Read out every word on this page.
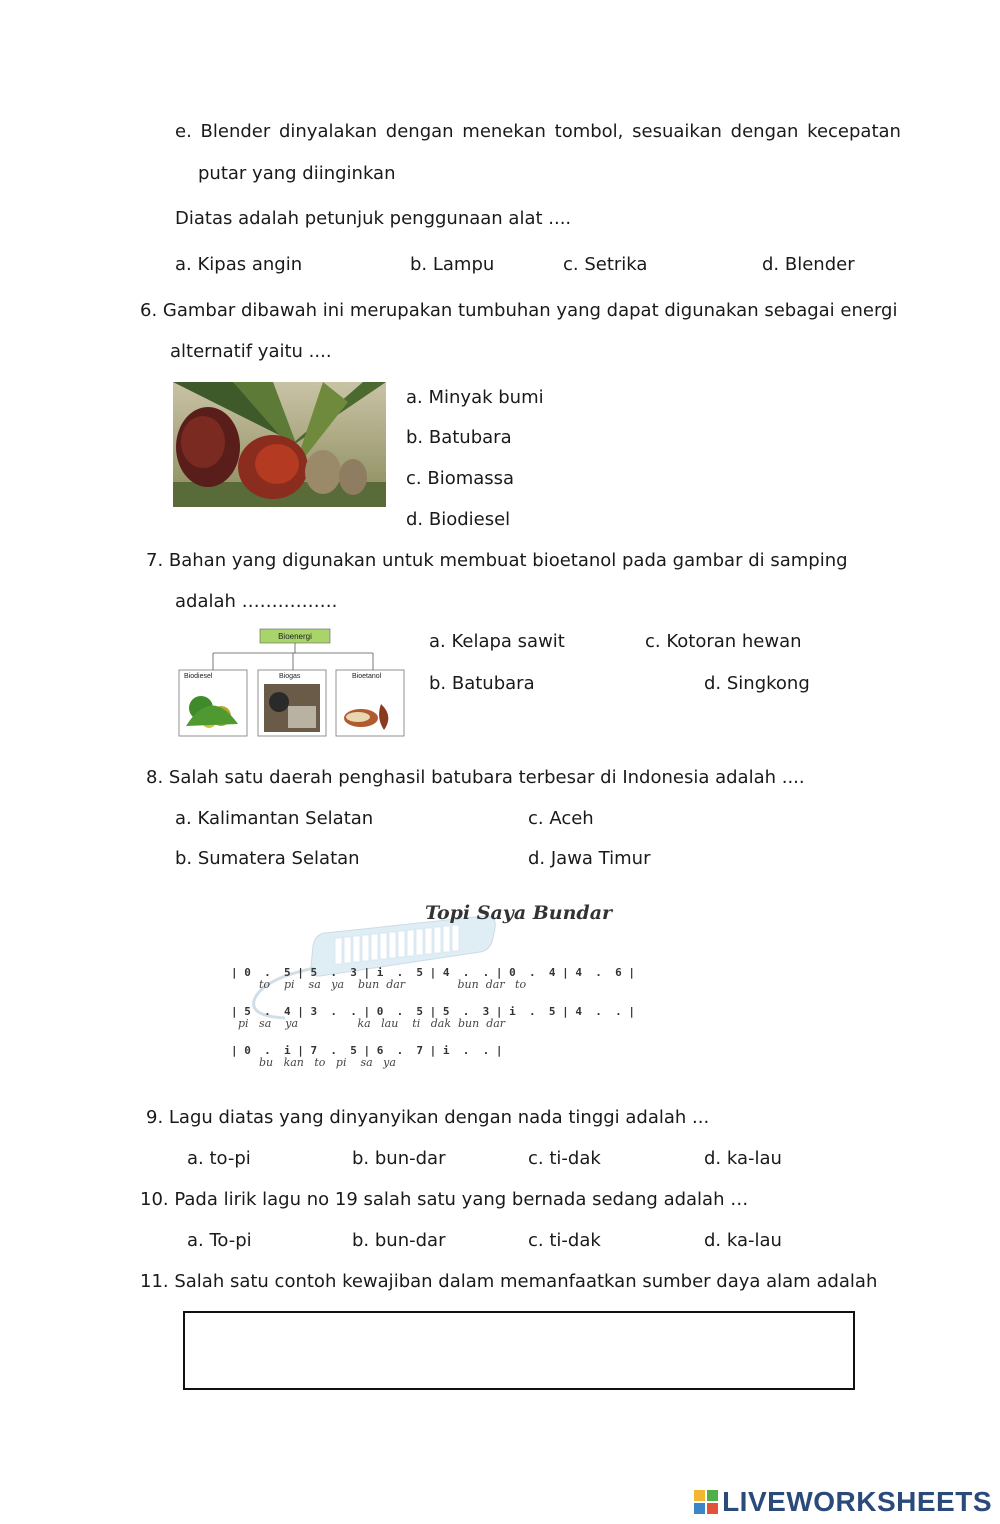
e. Blender dinyalakan dengan menekan tombol, sesuaikan dengan kecepatan
putar yang diinginkan
Diatas adalah petunjuk penggunaan alat ....
a. Kipas angin	b. Lampu	c. Setrika	d. Blender
6. Gambar dibawah ini merupakan tumbuhan yang dapat digunakan sebagai energi
alternatif yaitu ....
a. Minyak bumi
b. Batubara
c. Biomassa
d. Biodiesel
7. Bahan yang digunakan untuk membuat bioetanol pada gambar di samping
adalah …………….
Bioenergi
Biodiesel	Biogas	Bioetanol
a. Kelapa sawit	c. Kotoran hewan
b. Batubara	d. Singkong
8. Salah satu daerah penghasil batubara terbesar di Indonesia adalah ....
a. Kalimantan Selatan	c. Aceh
b. Sumatera Selatan	d. Jawa Timur
Topi Saya Bundar
| 0  .  5 | 5  .  3 | i  .  5 | 4  .  . | 0  .  4 | 4  .  6 |
to    pi    sa   ya    bun  dar               bun  dar   to
| 5  .  4 | 3  .  . | 0  .  5 | 5  .  3 | i  .  5 | 4  .  . |
pi   sa    ya                 ka   lau    ti   dak  bun  dar
| 0  .  i | 7  .  5 | 6  .  7 | i  .  . |
bu   kan   to   pi    sa   ya
9. Lagu diatas yang dinyanyikan dengan nada tinggi adalah ...
a. to-pi	b. bun-dar	c. ti-dak	d. ka-lau
10. Pada lirik lagu no 19 salah satu yang bernada sedang adalah …
a. To-pi	b. bun-dar	c. ti-dak	d. ka-lau
11. Salah satu contoh kewajiban dalam memanfaatkan sumber daya alam adalah
LIVEWORKSHEETS
